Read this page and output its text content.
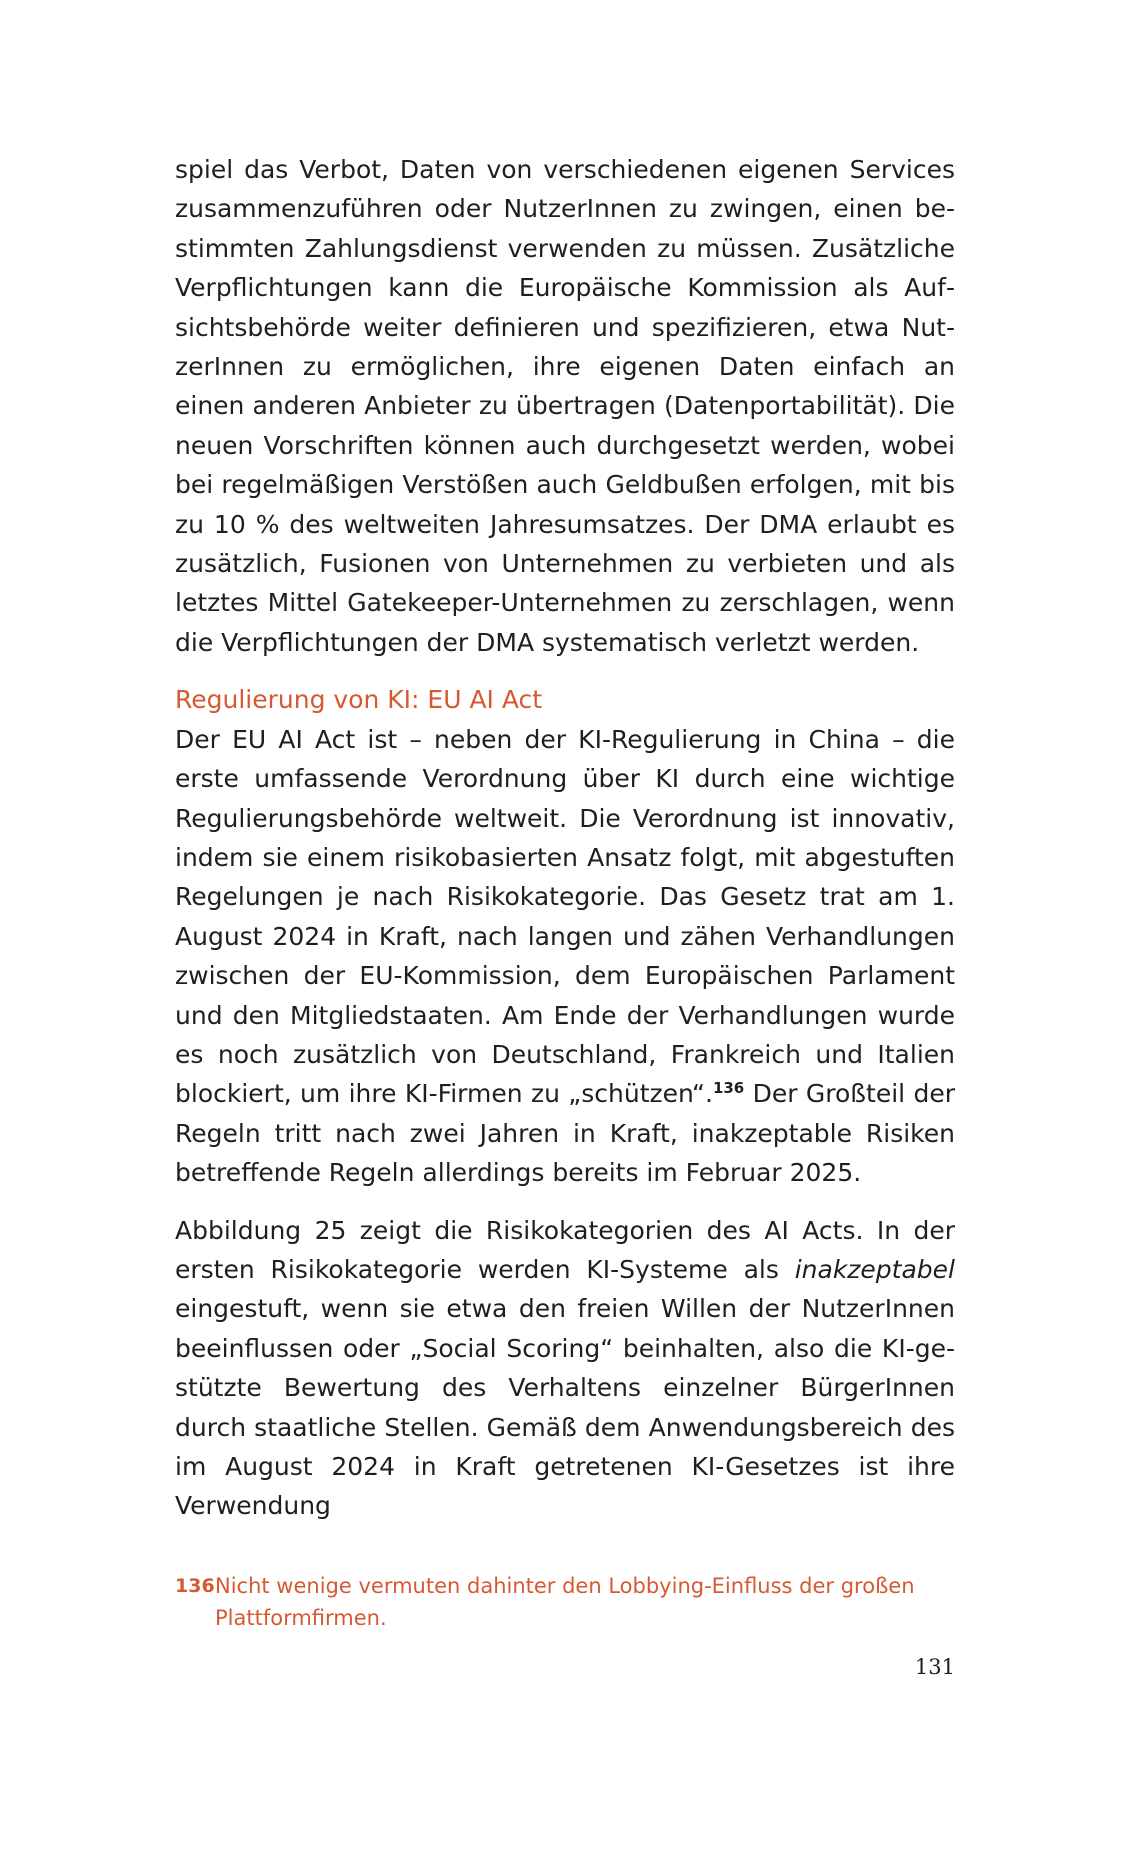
spiel das Verbot, Daten von verschiedenen eigenen Services zusammenzuführen oder NutzerInnen zu zwingen, einen bestimmten Zahlungsdienst verwenden zu müssen. Zusätzliche Verpflichtungen kann die Europäische Kommission als Aufsichtsbehörde weiter definieren und spezifizieren, etwa NutzerInnen zu ermöglichen, ihre eigenen Daten einfach an einen anderen Anbieter zu übertragen (Datenportabilität). Die neuen Vorschriften können auch durchgesetzt werden, wobei bei regelmäßigen Verstößen auch Geldbußen erfolgen, mit bis zu 10 % des weltweiten Jahresumsatzes. Der DMA erlaubt es zusätzlich, Fusionen von Unternehmen zu verbieten und als letztes Mittel Gatekeeper-Unternehmen zu zerschlagen, wenn die Verpflichtungen der DMA systematisch verletzt werden.

Regulierung von KI: EU AI Act

Der EU AI Act ist – neben der KI-Regulierung in China – die erste umfassende Verordnung über KI durch eine wichtige Regulierungsbehörde weltweit. Die Verordnung ist innovativ, indem sie einem risikobasierten Ansatz folgt, mit abgestuften Regelungen je nach Risikokategorie. Das Gesetz trat am 1. August 2024 in Kraft, nach langen und zähen Verhandlungen zwischen der EU-Kommission, dem Europäischen Parlament und den Mitgliedstaaten. Am Ende der Verhandlungen wurde es noch zusätzlich von Deutschland, Frankreich und Italien blockiert, um ihre KI-Firmen zu „schützen“.$^{136}$ Der Großteil der Regeln tritt nach zwei Jahren in Kraft, inakzeptable Risiken betreffende Regeln allerdings bereits im Februar 2025.

Abbildung 25 zeigt die Risikokategorien des AI Acts. In der ersten Risikokategorie werden KI-Systeme als inakzeptabel eingestuft, wenn sie etwa den freien Willen der NutzerInnen beeinflussen oder „Social Scoring“ beinhalten, also die KI-gestützte Bewertung des Verhaltens einzelner BürgerInnen durch staatliche Stellen. Gemäß dem Anwendungsbereich des im August 2024 in Kraft getretenen KI-Gesetzes ist ihre Verwendung

136 Nicht wenige vermuten dahinter den Lobbying-Einfluss der großen Plattformfirmen.
131
